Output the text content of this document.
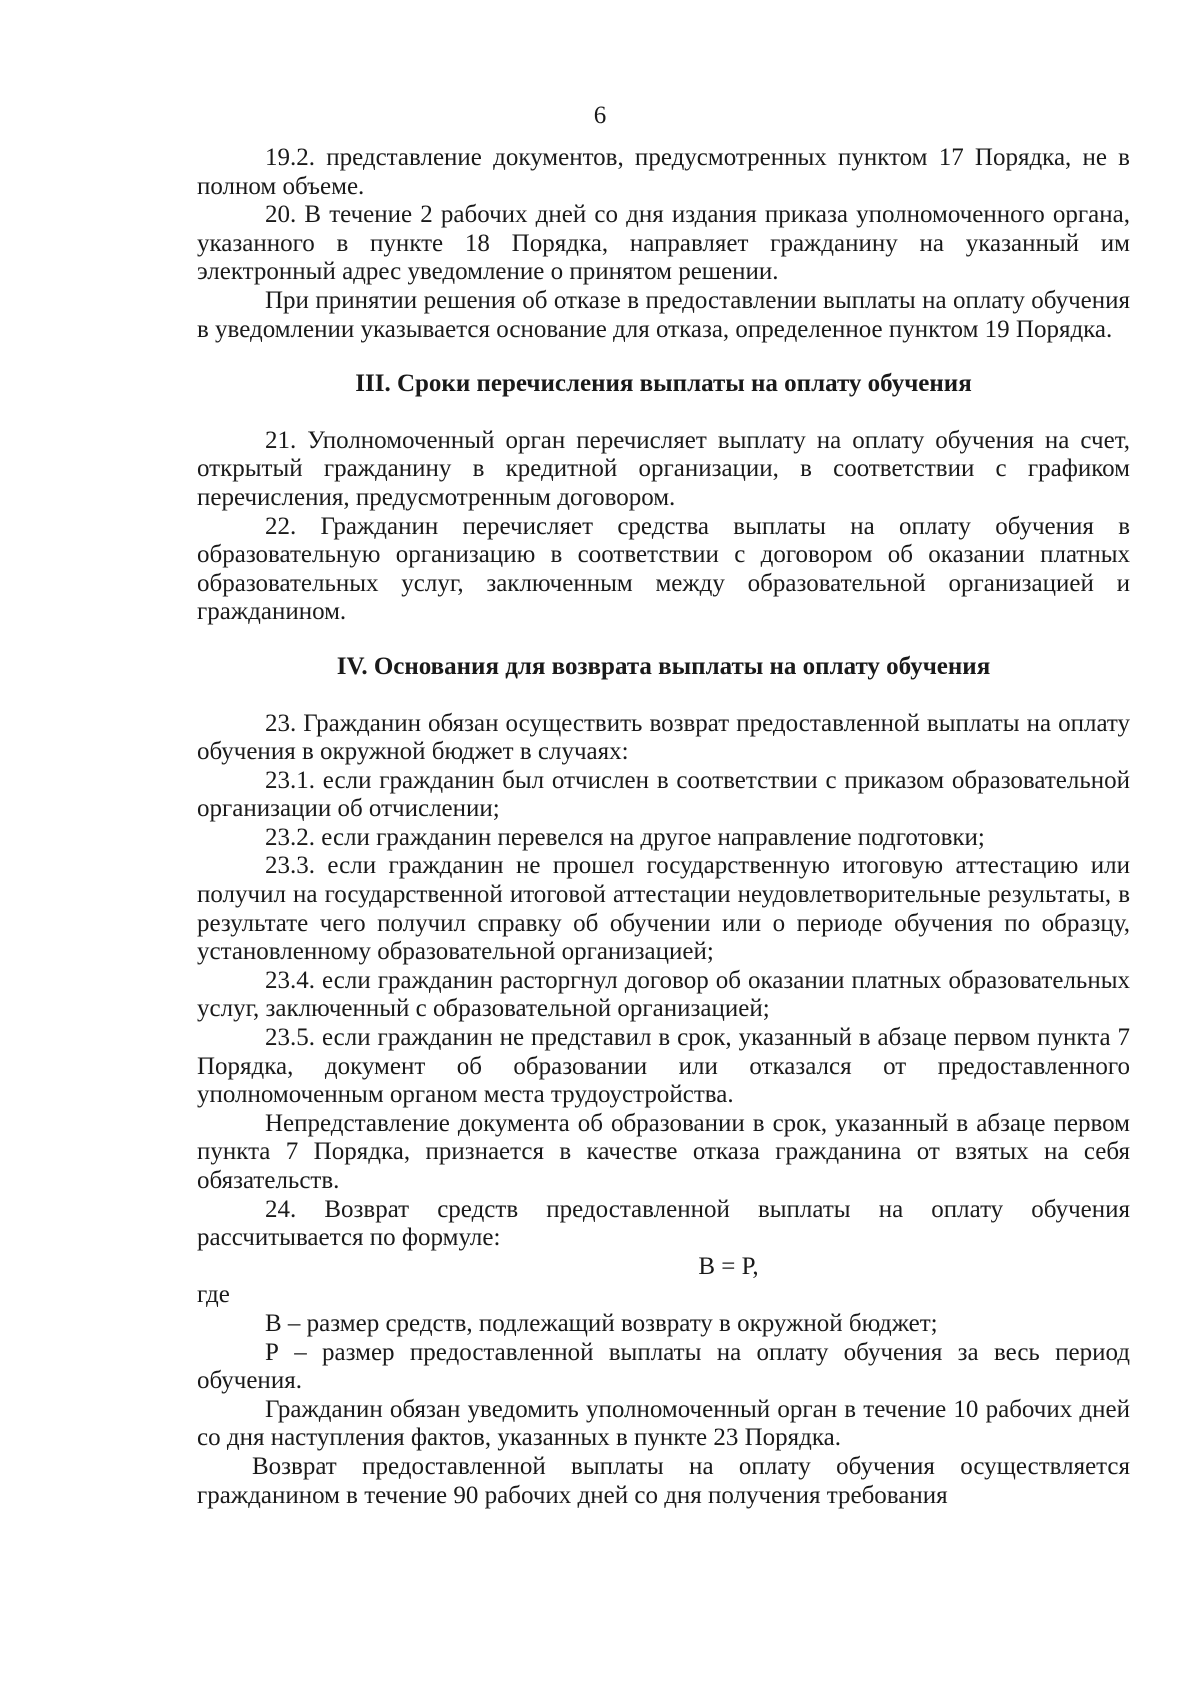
6

19.2. представление документов, предусмотренных пунктом 17 Порядка, не в полном объеме.

20. В течение 2 рабочих дней со дня издания приказа уполномоченного органа, указанного в пункте 18 Порядка, направляет гражданину на указанный им электронный адрес уведомление о принятом решении.

При принятии решения об отказе в предоставлении выплаты на оплату обучения в уведомлении указывается основание для отказа, определенное пунктом 19 Порядка.

III. Сроки перечисления выплаты на оплату обучения

21. Уполномоченный орган перечисляет выплату на оплату обучения на счет, открытый гражданину в кредитной организации, в соответствии с графиком перечисления, предусмотренным договором.

22. Гражданин перечисляет средства выплаты на оплату обучения в образовательную организацию в соответствии с договором об оказании платных образовательных услуг, заключенным между образовательной организацией и гражданином.

IV. Основания для возврата выплаты на оплату обучения

23. Гражданин обязан осуществить возврат предоставленной выплаты на оплату обучения в окружной бюджет в случаях:

23.1. если гражданин был отчислен в соответствии с приказом образовательной организации об отчислении;

23.2. если гражданин перевелся на другое направление подготовки;

23.3. если гражданин не прошел государственную итоговую аттестацию или получил на государственной итоговой аттестации неудовлетворительные результаты, в результате чего получил справку об обучении или о периоде обучения по образцу, установленному образовательной организацией;

23.4. если гражданин расторгнул договор об оказании платных образовательных услуг, заключенный с образовательной организацией;

23.5. если гражданин не представил в срок, указанный в абзаце первом пункта 7 Порядка, документ об образовании или отказался от предоставленного уполномоченным органом места трудоустройства.

Непредставление документа об образовании в срок, указанный в абзаце первом пункта 7 Порядка, признается в качестве отказа гражданина от взятых на себя обязательств.

24. Возврат средств предоставленной выплаты на оплату обучения рассчитывается по формуле:

В = Р,

где

В – размер средств, подлежащий возврату в окружной бюджет;

Р – размер предоставленной выплаты на оплату обучения за весь период обучения.

Гражданин обязан уведомить уполномоченный орган в течение 10 рабочих дней со дня наступления фактов, указанных в пункте 23 Порядка.

Возврат предоставленной выплаты на оплату обучения осуществляется гражданином в течение 90 рабочих дней со дня получения требования
